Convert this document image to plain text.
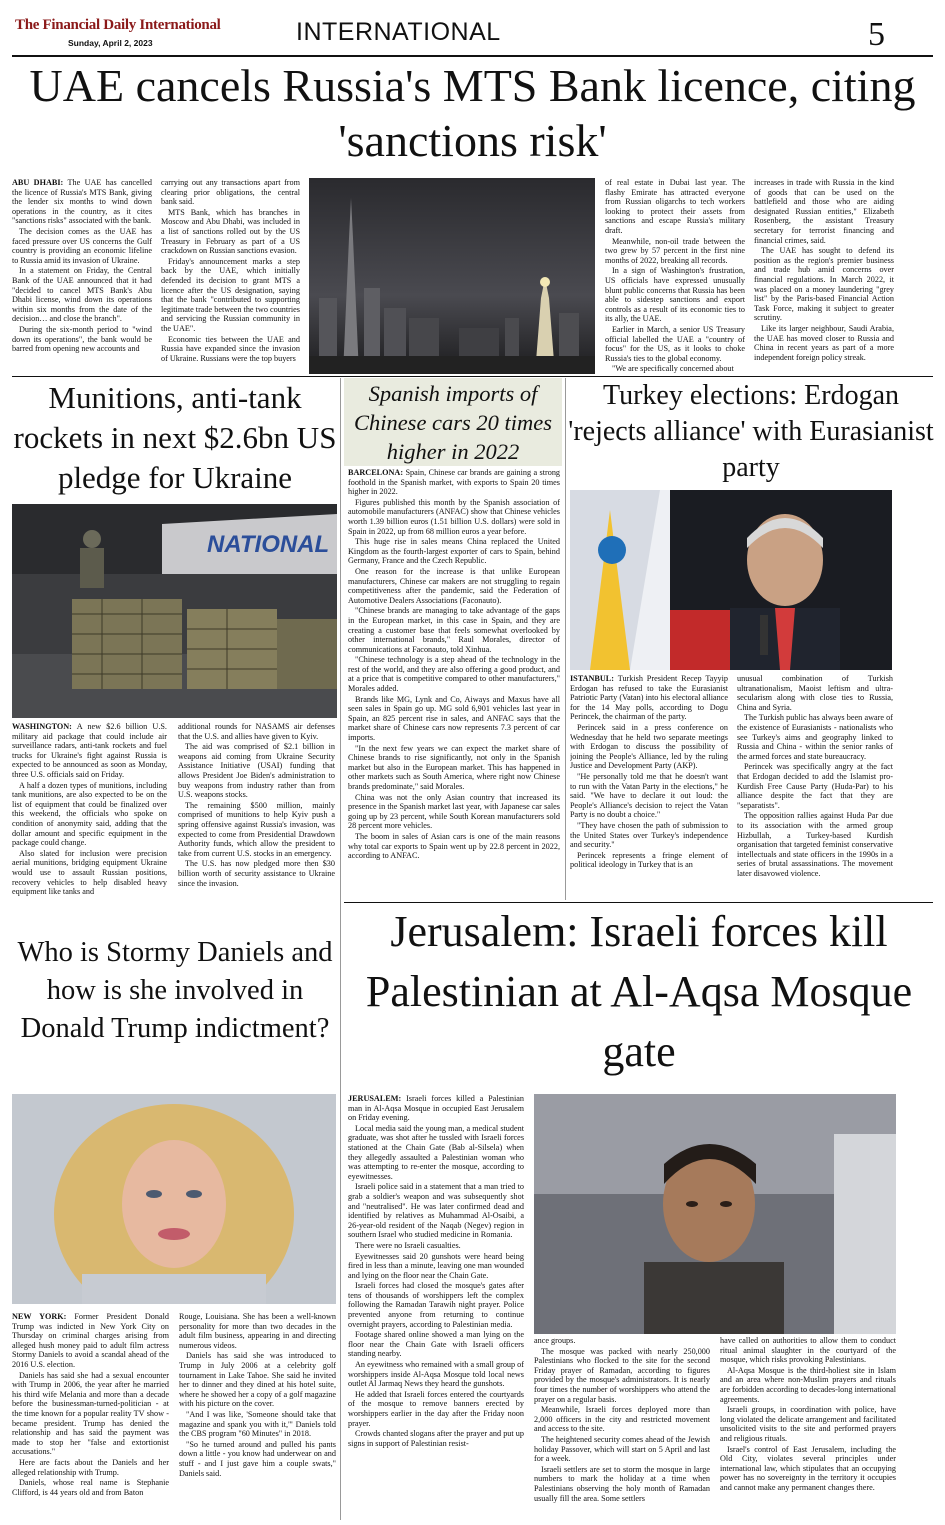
The Financial Daily International
Sunday, April 2, 2023	INTERNATIONAL	5
UAE cancels Russia's MTS Bank licence, citing 'sanctions risk'

ABU DHABI: The UAE has cancelled the licence of Russia's MTS Bank, giving the lender six months to wind down operations in the country, as it cites "sanctions risks" associated with the bank.

The decision comes as the UAE has faced pressure over US concerns the Gulf country is providing an economic lifeline to Russia amid its invasion of Ukraine.

In a statement on Friday, the Central Bank of the UAE announced that it had "decided to cancel MTS Bank's Abu Dhabi license, wind down its operations within six months from the date of the decision… and close the branch".

During the six-month period to "wind down its operations", the bank would be barred from opening new accounts and

carrying out any transactions apart from clearing prior obligations, the central bank said.

MTS Bank, which has branches in Moscow and Abu Dhabi, was included in a list of sanctions rolled out by the US Treasury in February as part of a US crackdown on Russian sanctions evasion.

Friday's announcement marks a step back by the UAE, which initially defended its decision to grant MTS a licence after the US designation, saying that the bank "contributed to supporting legitimate trade between the two countries and servicing the Russian community in the UAE".

Economic ties between the UAE and Russia have expanded since the invasion of Ukraine. Russians were the top buyers

of real estate in Dubai last year. The flashy Emirate has attracted everyone from Russian oligarchs to tech workers looking to protect their assets from sanctions and escape Russia's military draft.

Meanwhile, non-oil trade between the two grew by 57 percent in the first nine months of 2022, breaking all records.

In a sign of Washington's frustration, US officials have expressed unusually blunt public concerns that Russia has been able to sidestep sanctions and export controls as a result of its economic ties to its ally, the UAE.

Earlier in March, a senior US Treasury official labelled the UAE a "country of focus" for the US, as it looks to choke Russia's ties to the global economy.

"We are specifically concerned about

increases in trade with Russia in the kind of goods that can be used on the battlefield and those who are aiding designated Russian entities," Elizabeth Rosenberg, the assistant Treasury secretary for terrorist financing and financial crimes, said.

The UAE has sought to defend its position as the region's premier business and trade hub amid concerns over financial regulations. In March 2022, it was placed on a money laundering "grey list" by the Paris-based Financial Action Task Force, making it subject to greater scrutiny.

Like its larger neighbour, Saudi Arabia, the UAE has moved closer to Russia and China in recent years as part of a more independent foreign policy streak.

Munitions, anti-tank rockets in next $2.6bn US pledge for Ukraine
NATIONAL

WASHINGTON: A new $2.6 billion U.S. military aid package that could include air surveillance radars, anti-tank rockets and fuel trucks for Ukraine's fight against Russia is expected to be announced as soon as Monday, three U.S. officials said on Friday.

A half a dozen types of munitions, including tank munitions, are also expected to be on the list of equipment that could be finalized over this weekend, the officials who spoke on condition of anonymity said, adding that the dollar amount and specific equipment in the package could change.

Also slated for inclusion were precision aerial munitions, bridging equipment Ukraine would use to assault Russian positions, recovery vehicles to help disabled heavy equipment like tanks and

additional rounds for NASAMS air defenses that the U.S. and allies have given to Kyiv.

The aid was comprised of $2.1 billion in weapons aid coming from Ukraine Security Assistance Initiative (USAI) funding that allows President Joe Biden's administration to buy weapons from industry rather than from U.S. weapons stocks.

The remaining $500 million, mainly comprised of munitions to help Kyiv push a spring offensive against Russia's invasion, was expected to come from Presidential Drawdown Authority funds, which allow the president to take from current U.S. stocks in an emergency.

The U.S. has now pledged more then $30 billion worth of security assistance to Ukraine since the invasion.

Spanish imports of Chinese cars 20 times higher in 2022

BARCELONA: Spain, Chinese car brands are gaining a strong foothold in the Spanish market, with exports to Spain 20 times higher in 2022.

Figures published this month by the Spanish association of automobile manufacturers (ANFAC) show that Chinese vehicles worth 1.39 billion euros (1.51 billion U.S. dollars) were sold in Spain in 2022, up from 68 million euros a year before.

This huge rise in sales means China replaced the United Kingdom as the fourth-largest exporter of cars to Spain, behind Germany, France and the Czech Republic.

One reason for the increase is that unlike European manufacturers, Chinese car makers are not struggling to regain competitiveness after the pandemic, said the Federation of Automotive Dealers Associations (Faconauto).

"Chinese brands are managing to take advantage of the gaps in the European market, in this case in Spain, and they are creating a customer base that feels somewhat overlooked by other international brands," Raul Morales, director of communications at Faconauto, told Xinhua.

"Chinese technology is a step ahead of the technology in the rest of the world, and they are also offering a good product, and at a price that is competitive compared to other manufacturers," Morales added.

Brands like MG, Lynk and Co, Aiways and Maxus have all seen sales in Spain go up. MG sold 6,901 vehicles last year in Spain, an 825 percent rise in sales, and ANFAC says that the market share of Chinese cars now represents 7.3 percent of car imports.

"In the next few years we can expect the market share of Chinese brands to rise significantly, not only in the Spanish market but also in the European market. This has happened in other markets such as South America, where right now Chinese brands predominate," said Morales.

China was not the only Asian country that increased its presence in the Spanish market last year, with Japanese car sales going up by 23 percent, while South Korean manufacturers sold 28 percent more vehicles.

The boom in sales of Asian cars is one of the main reasons why total car exports to Spain went up by 22.8 percent in 2022, according to ANFAC.

Turkey elections: Erdogan 'rejects alliance' with Eurasianist party

ISTANBUL: Turkish President Recep Tayyip Erdogan has refused to take the Eurasianist Patriotic Party (Vatan) into his electoral alliance for the 14 May polls, according to Dogu Perincek, the chairman of the party.

Perincek said in a press conference on Wednesday that he held two separate meetings with Erdogan to discuss the possibility of joining the People's Alliance, led by the ruling Justice and Development Party (AKP).

"He personally told me that he doesn't want to run with the Vatan Party in the elections," he said. "We have to declare it out loud: the People's Alliance's decision to reject the Vatan Party is no doubt a choice."

"They have chosen the path of submission to the United States over Turkey's independence and security."

Perincek represents a fringe element of political ideology in Turkey that is an

unusual combination of Turkish ultranationalism, Maoist leftism and ultra-secularism along with close ties to Russia, China and Syria.

The Turkish public has always been aware of the existence of Eurasianists - nationalists who see Turkey's aims and geography linked to Russia and China - within the senior ranks of the armed forces and state bureaucracy.

Perincek was specifically angry at the fact that Erdogan decided to add the Islamist pro-Kurdish Free Cause Party (Huda-Par) to his alliance despite the fact that they are "separatists".

The opposition rallies against Huda Par due to its association with the armed group Hizbullah, a Turkey-based Kurdish organisation that targeted feminist conservative intellectuals and state officers in the 1990s in a series of brutal assassinations. The movement later disavowed violence.

Who is Stormy Daniels and how is she involved in Donald Trump indictment?

NEW YORK: Former President Donald Trump was indicted in New York City on Thursday on criminal charges arising from alleged hush money paid to adult film actress Stormy Daniels to avoid a scandal ahead of the 2016 U.S. election.

Daniels has said she had a sexual encounter with Trump in 2006, the year after he married his third wife Melania and more than a decade before the businessman-turned-politician - at the time known for a popular reality TV show - became president. Trump has denied the relationship and has said the payment was made to stop her "false and extortionist accusations."

Here are facts about the Daniels and her alleged relationship with Trump.

Daniels, whose real name is Stephanie Clifford, is 44 years old and from Baton

Rouge, Louisiana. She has been a well-known personality for more than two decades in the adult film business, appearing in and directing numerous videos.

Daniels has said she was introduced to Trump in July 2006 at a celebrity golf tournament in Lake Tahoe. She said he invited her to dinner and they dined at his hotel suite, where he showed her a copy of a golf magazine with his picture on the cover.

"And I was like, 'Someone should take that magazine and spank you with it,'" Daniels told the CBS program "60 Minutes" in 2018.

"So he turned around and pulled his pants down a little - you know had underwear on and stuff - and I just gave him a couple swats," Daniels said.

Jerusalem: Israeli forces kill Palestinian at Al-Aqsa Mosque gate

JERUSALEM: Israeli forces killed a Palestinian man in Al-Aqsa Mosque in occupied East Jerusalem on Friday evening.

Local media said the young man, a medical student graduate, was shot after he tussled with Israeli forces stationed at the Chain Gate (Bab al-Silsela) when they allegedly assaulted a Palestinian woman who was attempting to re-enter the mosque, according to eyewitnesses.

Israeli police said in a statement that a man tried to grab a soldier's weapon and was subsequently shot and "neutralised". He was later confirmed dead and identified by relatives as Muhammad Al-Osaibi, a 26-year-old resident of the Naqab (Negev) region in southern Israel who studied medicine in Romania.

There were no Israeli casualties.

Eyewitnesses said 20 gunshots were heard being fired in less than a minute, leaving one man wounded and lying on the floor near the Chain Gate.

Israeli forces had closed the mosque's gates after tens of thousands of worshippers left the complex following the Ramadan Tarawih night prayer. Police prevented anyone from returning to continue overnight prayers, according to Palestinian media.

Footage shared online showed a man lying on the floor near the Chain Gate with Israeli officers standing nearby.

An eyewitness who remained with a small group of worshippers inside Al-Aqsa Mosque told local news outlet Al Jarmaq News they heard the gunshots.

He added that Israeli forces entered the courtyards of the mosque to remove banners erected by worshippers earlier in the day after the Friday noon prayer.

Crowds chanted slogans after the prayer and put up signs in support of Palestinian resist-

ance groups.

The mosque was packed with nearly 250,000 Palestinians who flocked to the site for the second Friday prayer of Ramadan, according to figures provided by the mosque's administrators. It is nearly four times the number of worshippers who attend the prayer on a regular basis.

Meanwhile, Israeli forces deployed more than 2,000 officers in the city and restricted movement and access to the site.

The heightened security comes ahead of the Jewish holiday Passover, which will start on 5 April and last for a week.

Israeli settlers are set to storm the mosque in large numbers to mark the holiday at a time when Palestinians observing the holy month of Ramadan usually fill the area. Some settlers

have called on authorities to allow them to conduct ritual animal slaughter in the courtyard of the mosque, which risks provoking Palestinians.

Al-Aqsa Mosque is the third-holiest site in Islam and an area where non-Muslim prayers and rituals are forbidden according to decades-long international agreements.

Israeli groups, in coordination with police, have long violated the delicate arrangement and facilitated unsolicited visits to the site and performed prayers and religious rituals.

Israel's control of East Jerusalem, including the Old City, violates several principles under international law, which stipulates that an occupying power has no sovereignty in the territory it occupies and cannot make any permanent changes there.
